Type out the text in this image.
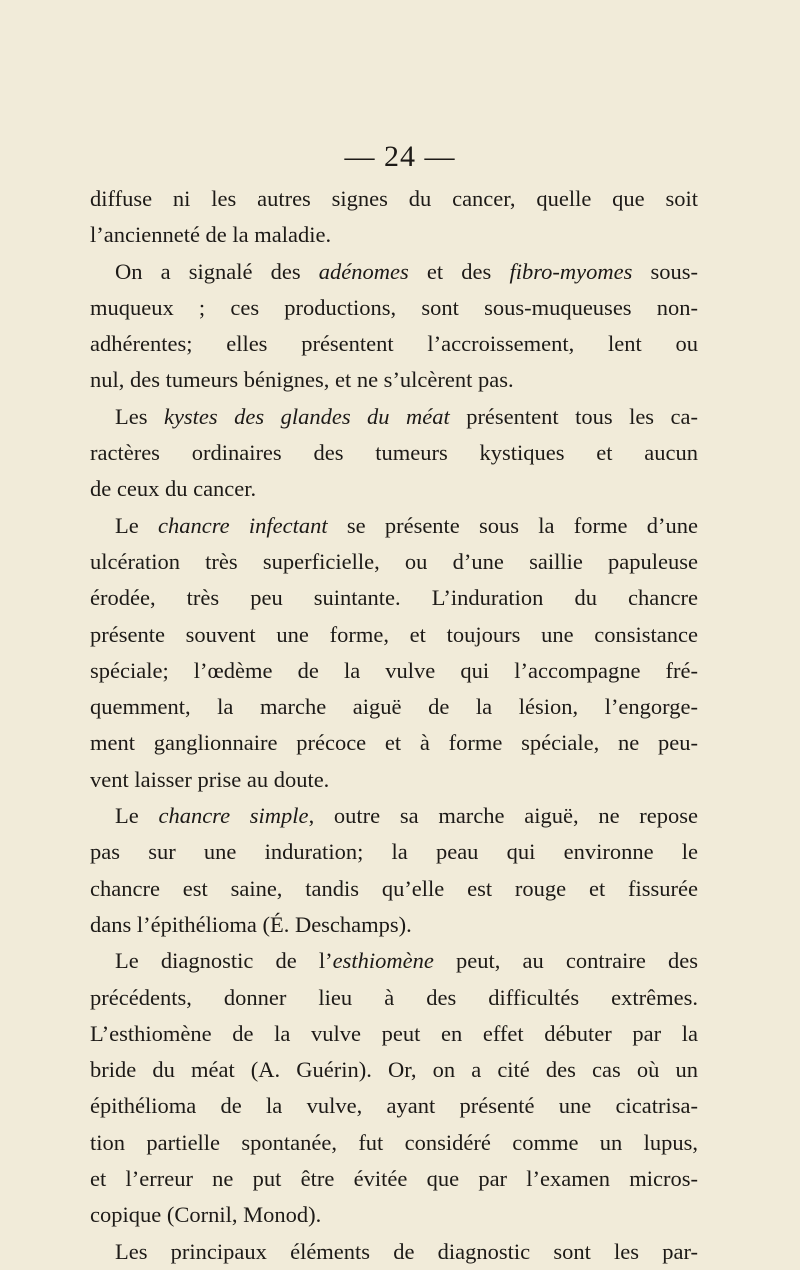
— 24 —
diffuse ni les autres signes du cancer, quelle que soit
l’ancienneté de la maladie.
On a signalé des adénomes et des fibro-myomes sous-
muqueux ; ces productions, sont sous-muqueuses non-
adhérentes; elles présentent l’accroissement, lent ou
nul, des tumeurs bénignes, et ne s’ulcèrent pas.
Les kystes des glandes du méat présentent tous les ca-
ractères ordinaires des tumeurs kystiques et aucun
de ceux du cancer.
Le chancre infectant se présente sous la forme d’une
ulcération très superficielle, ou d’une saillie papuleuse
érodée, très peu suintante. L’induration du chancre
présente souvent une forme, et toujours une consistance
spéciale; l’œdème de la vulve qui l’accompagne fré-
quemment, la marche aiguë de la lésion, l’engorge-
ment ganglionnaire précoce et à forme spéciale, ne peu-
vent laisser prise au doute.
Le chancre simple, outre sa marche aiguë, ne repose
pas sur une induration; la peau qui environne le
chancre est saine, tandis qu’elle est rouge et fissurée
dans l’épithélioma (É. Deschamps).
Le diagnostic de l’esthiomène peut, au contraire des
précédents, donner lieu à des difficultés extrêmes.
L’esthiomène de la vulve peut en effet débuter par la
bride du méat (A. Guérin). Or, on a cité des cas où un
épithélioma de la vulve, ayant présenté une cicatrisa-
tion partielle spontanée, fut considéré comme un lupus,
et l’erreur ne put être évitée que par l’examen micros-
copique (Cornil, Monod).
Les principaux éléments de diagnostic sont les par-
